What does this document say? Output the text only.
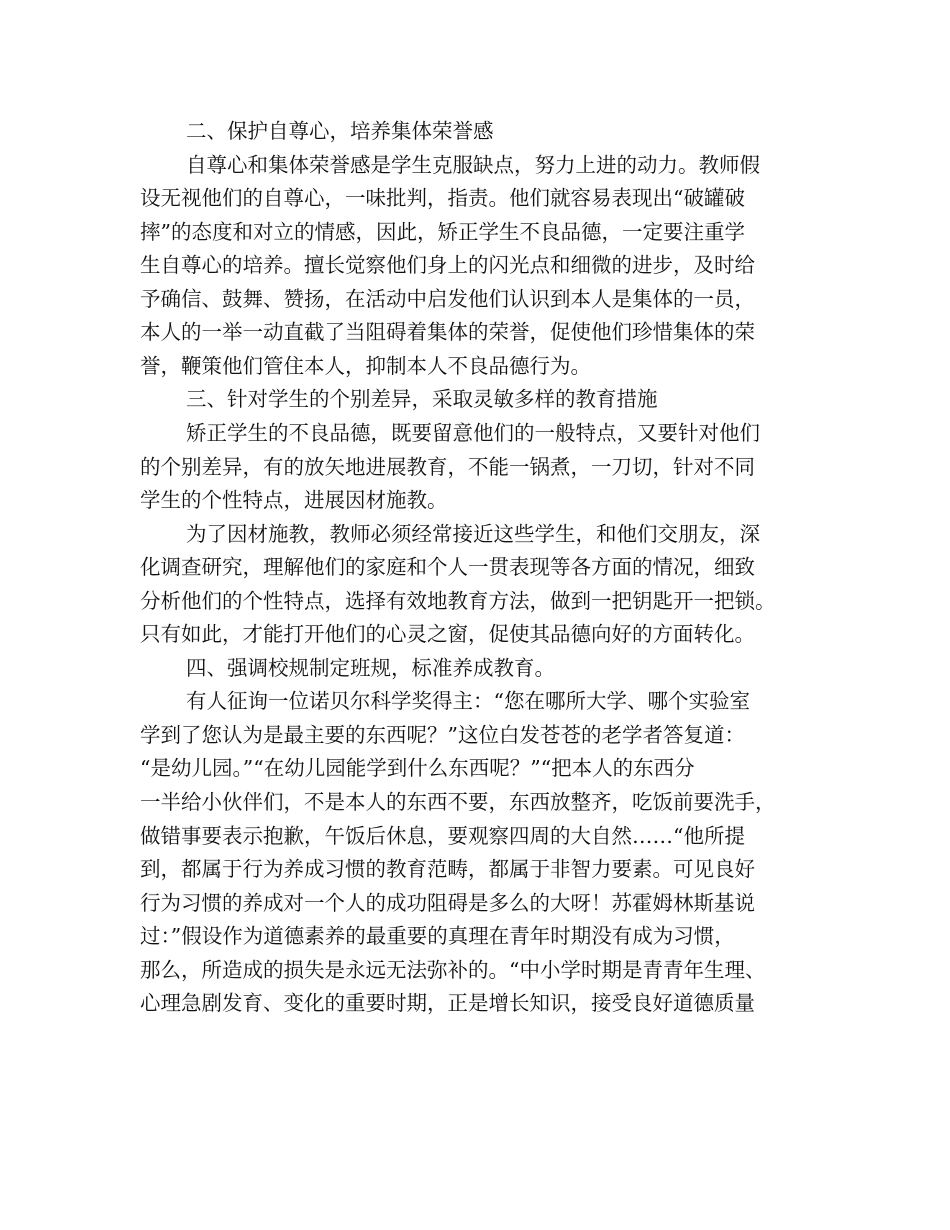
二、保护自尊心，培养集体荣誉感
自尊心和集体荣誉感是学生克服缺点，努力上进的动力。教师假
设无视他们的自尊心，一味批判，指责。他们就容易表现出“破罐破
摔”的态度和对立的情感，因此，矫正学生不良品德，一定要注重学
生自尊心的培养。擅长觉察他们身上的闪光点和细微的进步，及时给
予确信、鼓舞、赞扬，在活动中启发他们认识到本人是集体的一员，
本人的一举一动直截了当阻碍着集体的荣誉，促使他们珍惜集体的荣
誉，鞭策他们管住本人，抑制本人不良品德行为。
三、针对学生的个别差异，采取灵敏多样的教育措施
矫正学生的不良品德，既要留意他们的一般特点，又要针对他们
的个别差异，有的放矢地进展教育，不能一锅煮，一刀切，针对不同
学生的个性特点，进展因材施教。
为了因材施教，教师必须经常接近这些学生，和他们交朋友，深
化调查研究，理解他们的家庭和个人一贯表现等各方面的情况，细致
分析他们的个性特点，选择有效地教育方法，做到一把钥匙开一把锁。
只有如此，才能打开他们的心灵之窗，促使其品德向好的方面转化。
四、强调校规制定班规，标准养成教育。
有人征询一位诺贝尔科学奖得主：“您在哪所大学、哪个实验室
学到了您认为是最主要的东西呢？”这位白发苍苍的老学者答复道：
“是幼儿园。”“在幼儿园能学到什么东西呢？”“把本人的东西分
一半给小伙伴们，不是本人的东西不要，东西放整齐，吃饭前要洗手，
做错事要表示抱歉，午饭后休息，要观察四周的大自然……“他所提
到，都属于行为养成习惯的教育范畴，都属于非智力要素。可见良好
行为习惯的养成对一个人的成功阻碍是多么的大呀！苏霍姆林斯基说
过：”假设作为道德素养的最重要的真理在青年时期没有成为习惯，
那么，所造成的损失是永远无法弥补的。“中小学时期是青青年生理、
心理急剧发育、变化的重要时期，正是增长知识，接受良好道德质量
